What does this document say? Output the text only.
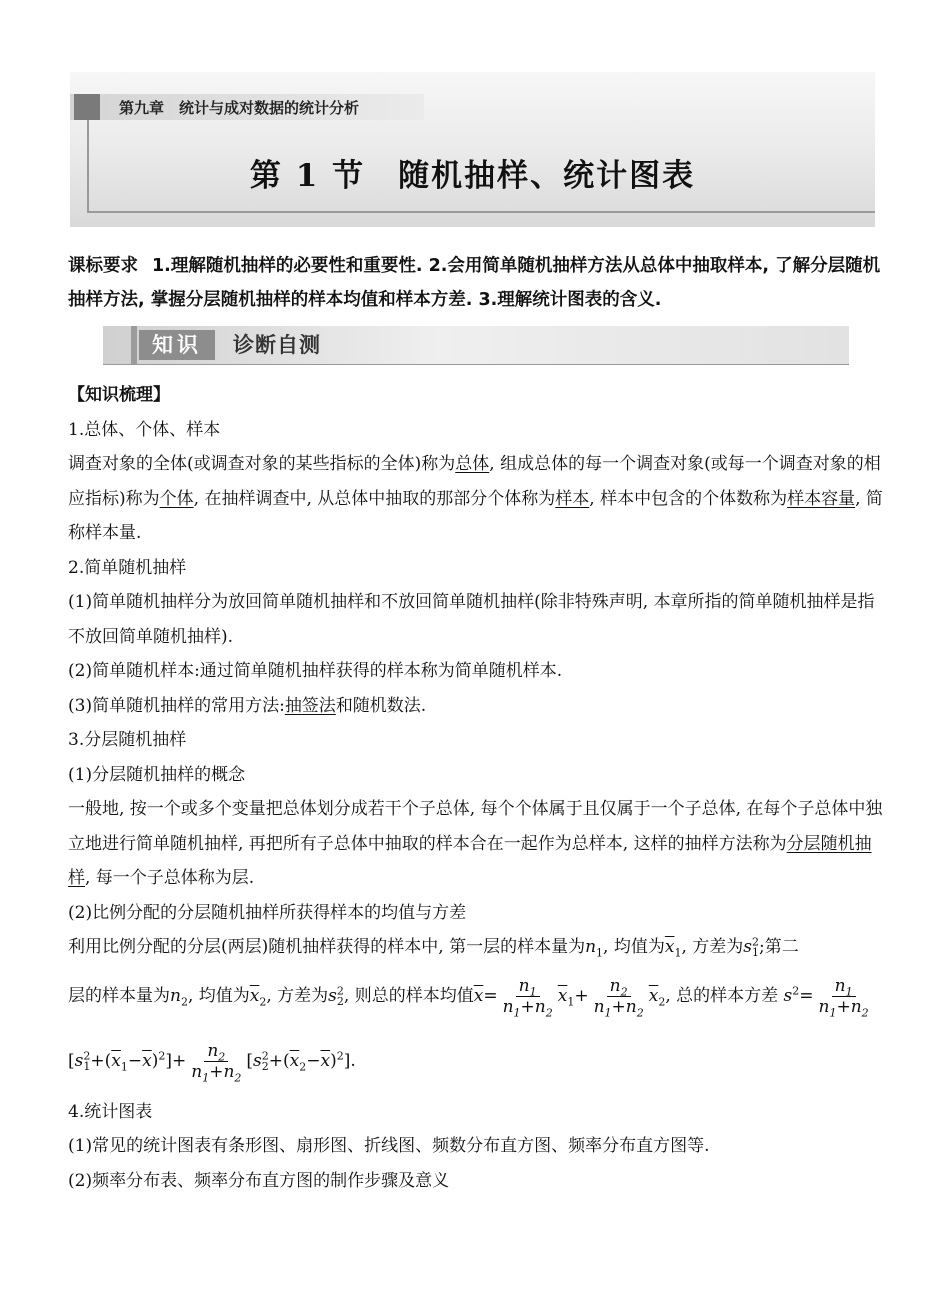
第九章　统计与成对数据的统计分析
第 1 节　随机抽样、统计图表
课标要求 1.理解随机抽样的必要性和重要性. 2.会用简单随机抽样方法从总体中抽取样本, 了解分层随机抽样方法, 掌握分层随机抽样的样本均值和样本方差. 3.理解统计图表的含义.
知识	诊断自测

【知识梳理】

1.总体、个体、样本

调查对象的全体(或调查对象的某些指标的全体)称为总体, 组成总体的每一个调查对象(或每一个调查对象的相应指标)称为个体, 在抽样调查中, 从总体中抽取的那部分个体称为样本, 样本中包含的个体数称为样本容量, 简称样本量.

2.简单随机抽样

(1)简单随机抽样分为放回简单随机抽样和不放回简单随机抽样(除非特殊声明, 本章所指的简单随机抽样是指不放回简单随机抽样).

(2)简单随机样本:通过简单随机抽样获得的样本称为简单随机样本.

(3)简单随机抽样的常用方法:抽签法和随机数法.

3.分层随机抽样

(1)分层随机抽样的概念

一般地, 按一个或多个变量把总体划分成若干个子总体, 每个个体属于且仅属于一个子总体, 在每个子总体中独立地进行简单随机抽样, 再把所有子总体中抽取的样本合在一起作为总样本, 这样的抽样方法称为分层随机抽样, 每一个子总体称为层.

(2)比例分配的分层随机抽样所获得样本的均值与方差

利用比例分配的分层(两层)随机抽样获得的样本中, 第一层的样本量为$n_1$, 均值为$\overline{x}_1$, 方差为$s^2_1$;第二

层的样本量为$n_2$, 均值为$\overline{x}_2$, 方差为$s^2_2$, 则总的样本均值$\overline{x}= \frac{n_1}{n_1+n_2} \overline{x}_1+ \frac{n_2}{n_1+n_2} \overline{x}_2$, 总的样本方差 $s^2= \frac{n_1}{n_1+n_2}$

$[s^2_1+(\overline{x}_1-\overline{x})^2]+ \frac{n_2}{n_1+n_2} [s^2_2+(\overline{x}_2-\overline{x})^2]$.

4.统计图表

(1)常见的统计图表有条形图、扇形图、折线图、频数分布直方图、频率分布直方图等.

(2)频率分布表、频率分布直方图的制作步骤及意义
